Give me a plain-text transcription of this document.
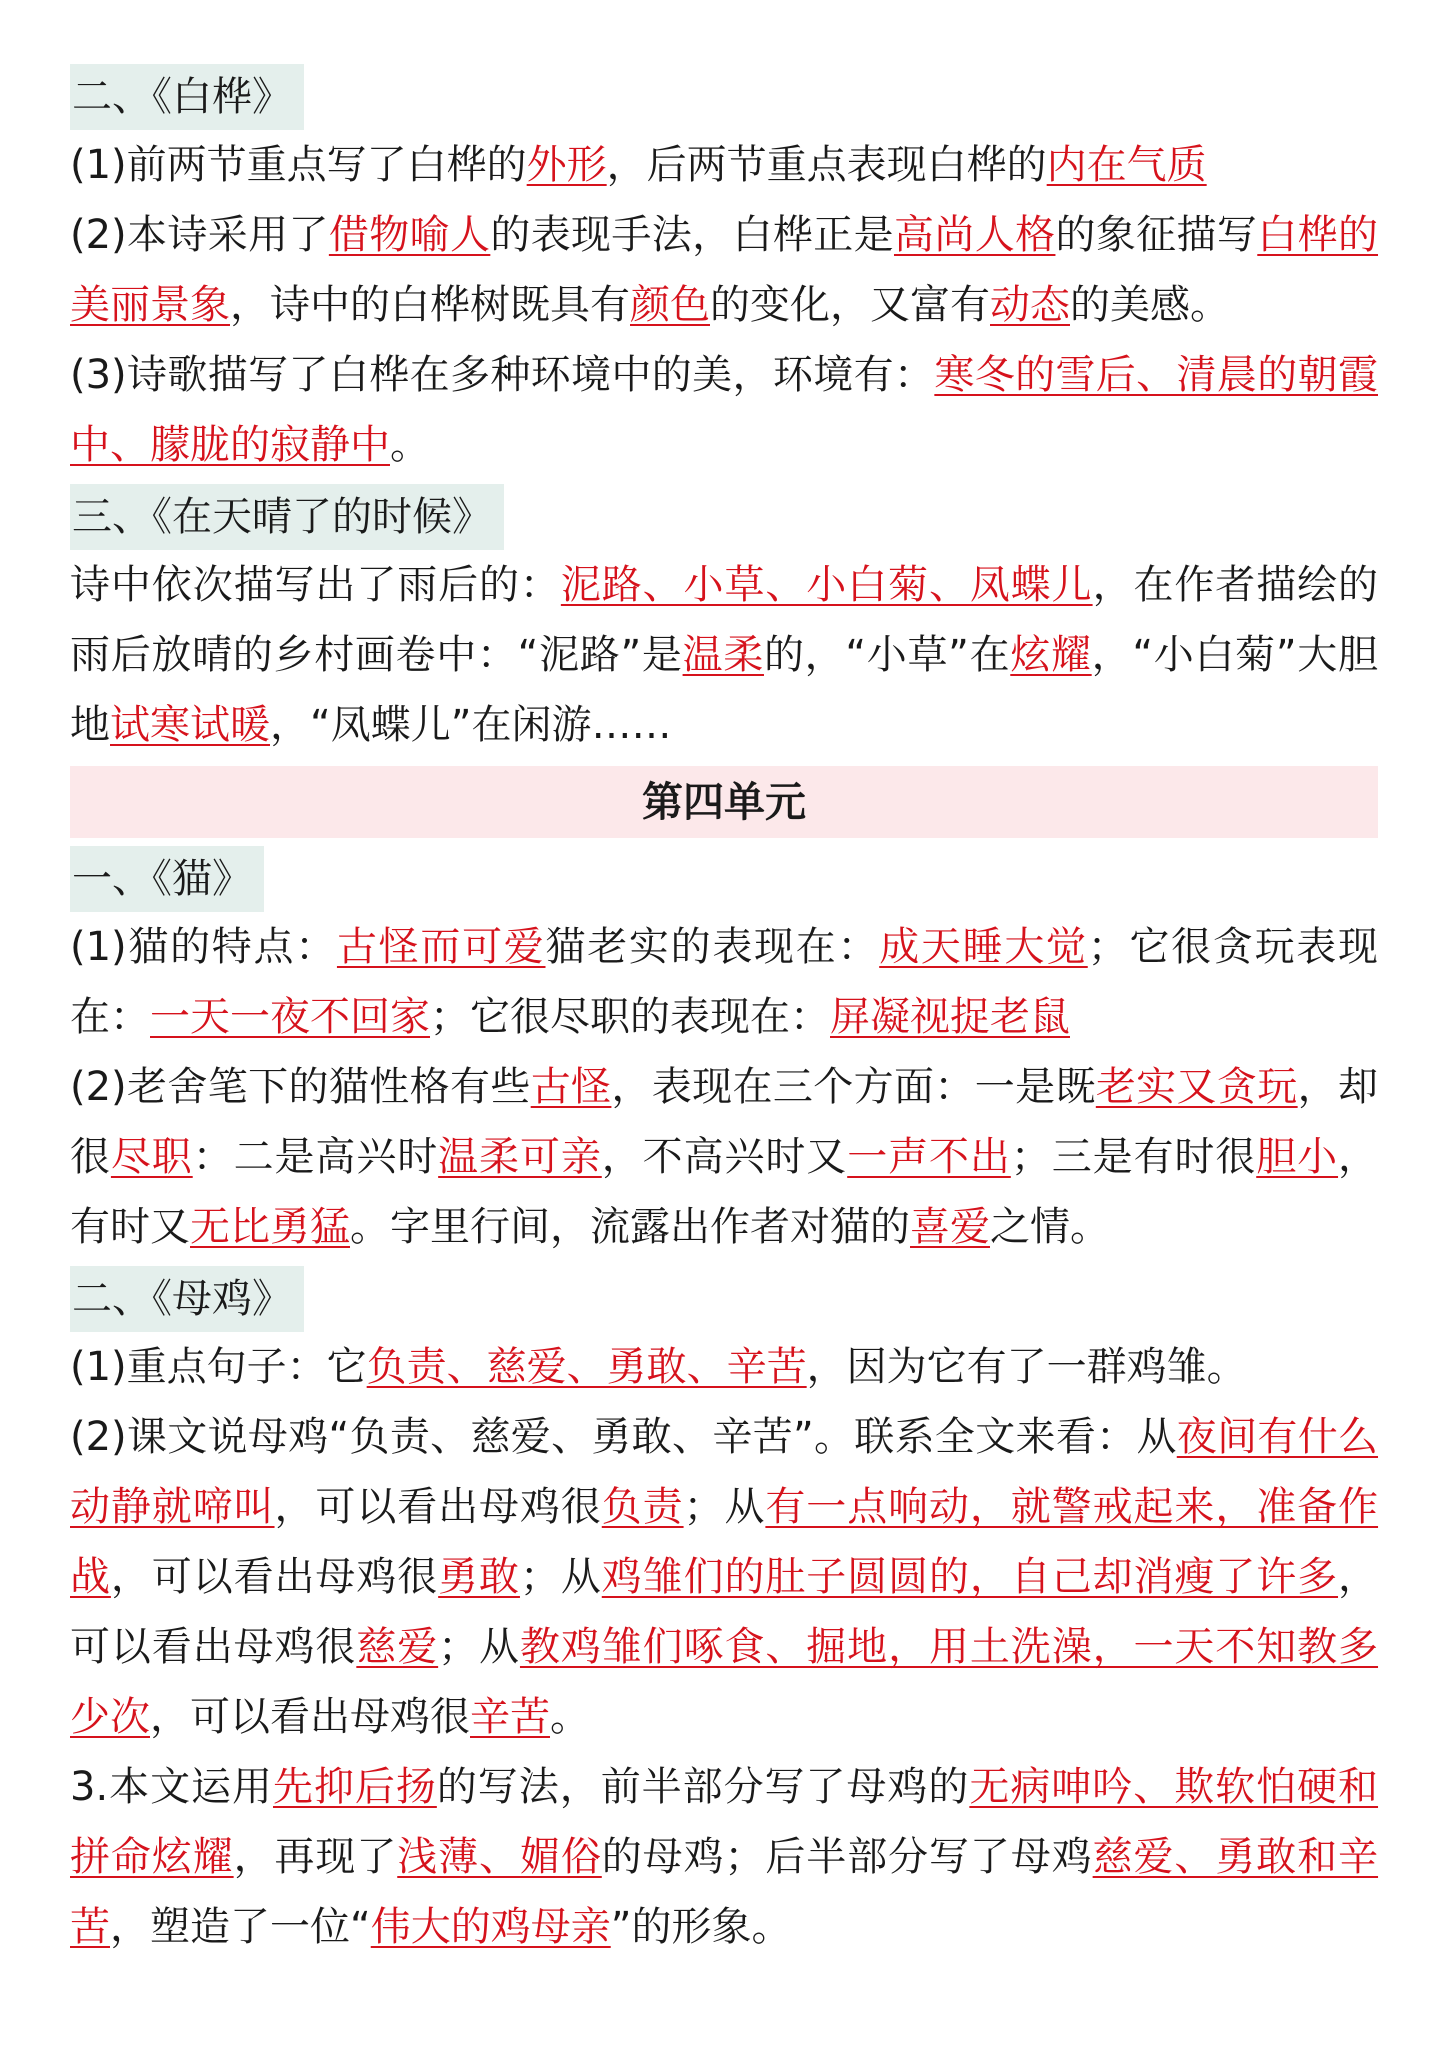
二、《白桦》

(1)前两节重点写了白桦的外形，后两节重点表现白桦的内在气质

(2)本诗采用了借物喻人的表现手法，白桦正是高尚人格的象征描写白桦的美丽景象，诗中的白桦树既具有颜色的变化，又富有动态的美感。

(3)诗歌描写了白桦在多种环境中的美，环境有：寒冬的雪后、清晨的朝霞中、朦胧的寂静中。

三、《在天晴了的时候》

诗中依次描写出了雨后的：泥路、小草、小白菊、凤蝶儿，在作者描绘的雨后放晴的乡村画卷中：“泥路”是温柔的，“小草”在炫耀，“小白菊”大胆地试寒试暖，“凤蝶儿”在闲游……

第四单元
一、《猫》

(1)猫的特点：古怪而可爱猫老实的表现在：成天睡大觉；它很贪玩表现在：一天一夜不回家；它很尽职的表现在：屏凝视捉老鼠

(2)老舍笔下的猫性格有些古怪，表现在三个方面：一是既老实又贪玩，却很尽职：二是高兴时温柔可亲，不高兴时又一声不出；三是有时很胆小，有时又无比勇猛。字里行间，流露出作者对猫的喜爱之情。

二、《母鸡》

(1)重点句子：它负责、慈爱、勇敢、辛苦，因为它有了一群鸡雏。

(2)课文说母鸡“负责、慈爱、勇敢、辛苦”。联系全文来看：从夜间有什么动静就啼叫，可以看出母鸡很负责；从有一点响动，就警戒起来，准备作战，可以看出母鸡很勇敢；从鸡雏们的肚子圆圆的，自己却消瘦了许多，可以看出母鸡很慈爱；从教鸡雏们啄食、掘地，用土洗澡，一天不知教多少次，可以看出母鸡很辛苦。

3.本文运用先抑后扬的写法，前半部分写了母鸡的无病呻吟、欺软怕硬和拼命炫耀，再现了浅薄、媚俗的母鸡；后半部分写了母鸡慈爱、勇敢和辛苦，塑造了一位“伟大的鸡母亲”的形象。
